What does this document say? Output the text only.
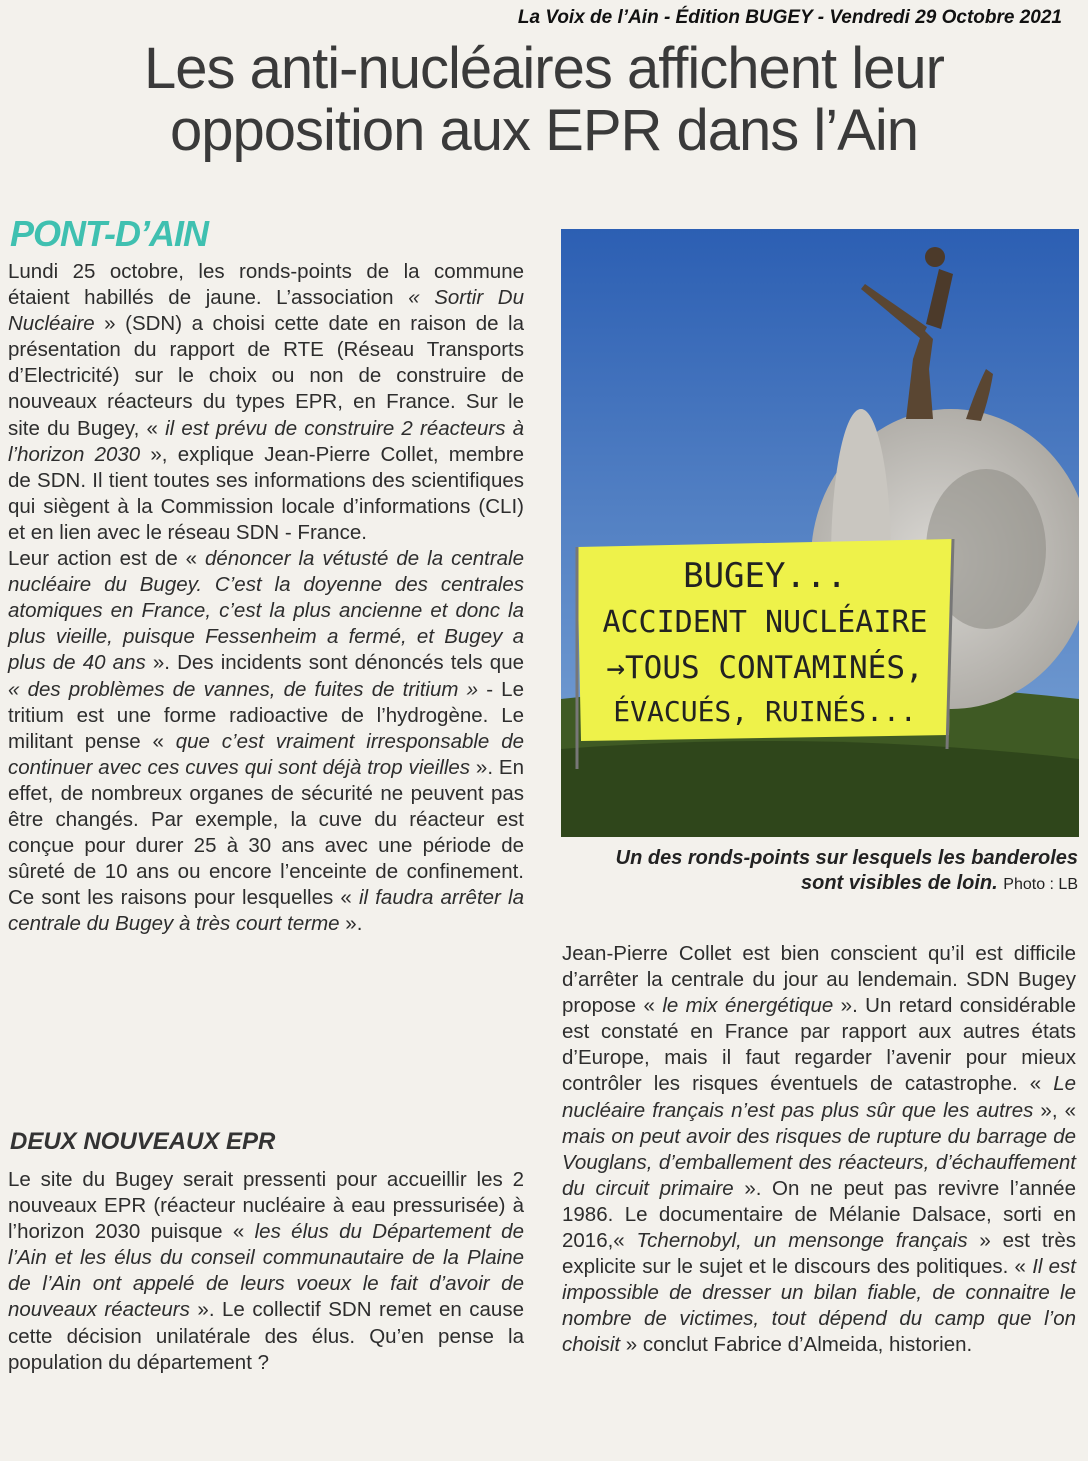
La Voix de l’Ain - Édition BUGEY - Vendredi 29 Octobre 2021
Les anti-nucléaires affichent leur
opposition aux EPR dans l’Ain
PONT-D’AIN

Lundi 25 octobre, les ronds-points de la commune étaient habillés de jaune. L’association « Sortir Du Nucléaire » (SDN) a choisi cette date en raison de la présentation du rapport de RTE (Réseau Transports d’Electricité) sur le choix ou non de construire de nouveaux réacteurs du types EPR, en France. Sur le site du Bugey, « il est prévu de construire 2 réacteurs à l’horizon 2030 », explique Jean-Pierre Collet, membre de SDN. Il tient toutes ses informations des scientifiques qui siègent à la Commission locale d’informations (CLI) et en lien avec le réseau SDN - France.

Leur action est de « dénoncer la vétusté de la centrale nucléaire du Bugey. C’est la doyenne des centrales atomiques en France, c’est la plus ancienne et donc la plus vieille, puisque Fessenheim a fermé, et Bugey a plus de 40 ans ». Des incidents sont dénoncés tels que « des problèmes de vannes, de fuites de tritium » - Le tritium est une forme radioactive de l’hydrogène. Le militant pense « que c’est vraiment irresponsable de continuer avec ces cuves qui sont déjà trop vieilles ». En effet, de nombreux organes de sécurité ne peuvent pas être changés. Par exemple, la cuve du réacteur est conçue pour durer 25 à 30 ans avec une période de sûreté de 10 ans ou encore l’enceinte de confinement. Ce sont les raisons pour lesquelles « il faudra arrêter la centrale du Bugey à très court terme ».

DEUX NOUVEAUX EPR

Le site du Bugey serait pressenti pour accueillir les 2 nouveaux EPR (réacteur nucléaire à eau pressurisée) à l’horizon 2030 puisque « les élus du Département de l’Ain et les élus du conseil communautaire de la Plaine de l’Ain ont appelé de leurs voeux le fait d’avoir de nouveaux réacteurs ». Le collectif SDN remet en cause cette décision unilatérale des élus. Qu’en pense la population du département ?

BUGEY...
ACCIDENT NUCLÉAIRE
→TOUS CONTAMINÉS,
ÉVACUÉS, RUINÉS...
Un des ronds-points sur lesquels les banderoles
sont visibles de loin. Photo : LB

Jean-Pierre Collet est bien conscient qu’il est difficile d’arrêter la centrale du jour au lendemain. SDN Bugey propose « le mix énergétique ». Un retard considérable est constaté en France par rapport aux autres états d’Europe, mais il faut regarder l’avenir pour mieux contrôler les risques éventuels de catastrophe. « Le nucléaire français n’est pas plus sûr que les autres », « mais on peut avoir des risques de rupture du barrage de Vouglans, d’emballement des réacteurs, d’échauffement du circuit primaire ». On ne peut pas revivre l’année 1986. Le documentaire de Mélanie Dalsace, sorti en 2016,« Tchernobyl, un mensonge français » est très explicite sur le sujet et le discours des politiques. « Il est impossible de dresser un bilan fiable, de connaitre le nombre de victimes, tout dépend du camp que l’on choisit » conclut Fabrice d’Almeida, historien.
